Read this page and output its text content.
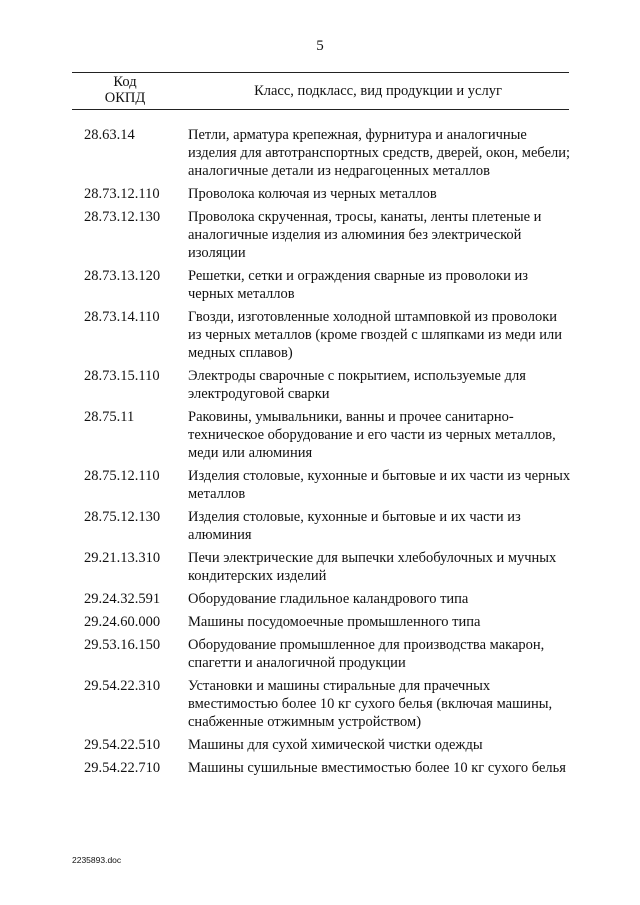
5
Код
ОКПД	Класс, подкласс, вид продукции и услуг
28.63.14	Петли, арматура крепежная, фурнитура и аналогичные изделия для автотранспортных средств, дверей, окон, мебели; аналогичные детали из недрагоценных металлов
28.73.12.110	Проволока колючая из черных металлов
28.73.12.130	Проволока скрученная, тросы, канаты, ленты плетеные и аналогичные изделия из алюминия без электрической изоляции
28.73.13.120	Решетки, сетки и ограждения сварные из проволоки из черных металлов
28.73.14.110	Гвозди, изготовленные холодной штамповкой из проволоки из черных металлов (кроме гвоздей с шляпками из меди или медных сплавов)
28.73.15.110	Электроды сварочные с покрытием, используемые для электродуговой сварки
28.75.11	Раковины, умывальники, ванны и прочее санитарно-техническое оборудование и его части из черных металлов, меди или алюминия
28.75.12.110	Изделия столовые, кухонные и бытовые и их части из черных металлов
28.75.12.130	Изделия столовые, кухонные и бытовые и их части из алюминия
29.21.13.310	Печи электрические для выпечки хлебобулочных и мучных кондитерских изделий
29.24.32.591	Оборудование гладильное каландрового типа
29.24.60.000	Машины посудомоечные промышленного типа
29.53.16.150	Оборудование промышленное для производства макарон, спагетти и аналогичной продукции
29.54.22.310	Установки и машины стиральные для прачечных вместимостью более 10 кг сухого белья (включая машины, снабженные отжимным устройством)
29.54.22.510	Машины для сухой химической чистки одежды
29.54.22.710	Машины сушильные вместимостью более 10 кг сухого белья
2235893.doc
